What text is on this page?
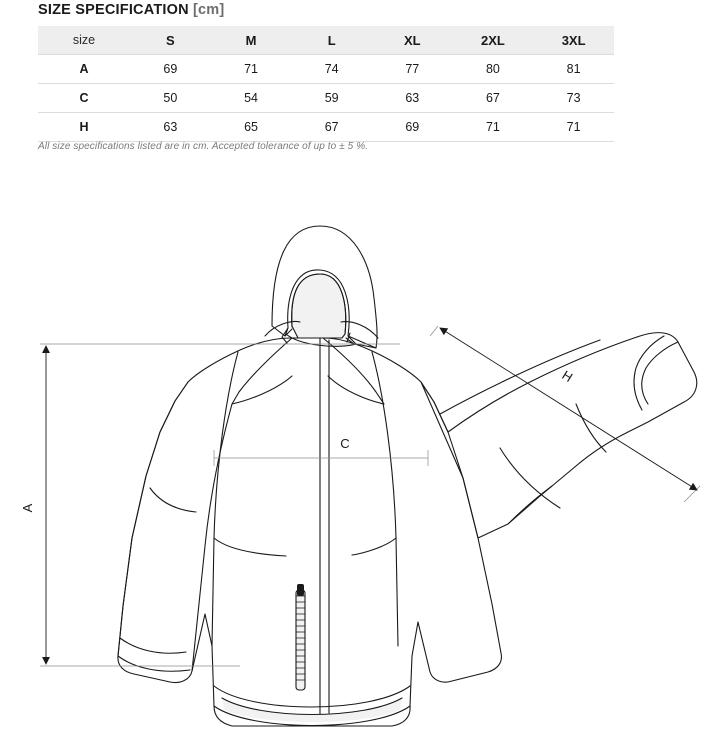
SIZE SPECIFICATION [cm]
size	S	M	L	XL	2XL	3XL
A	69	71	74	77	80	81
C	50	54	59	63	67	73
H	63	65	67	69	71	71
All size specifications listed are in cm. Accepted tolerance of up to ± 5 %.
A
C
H
